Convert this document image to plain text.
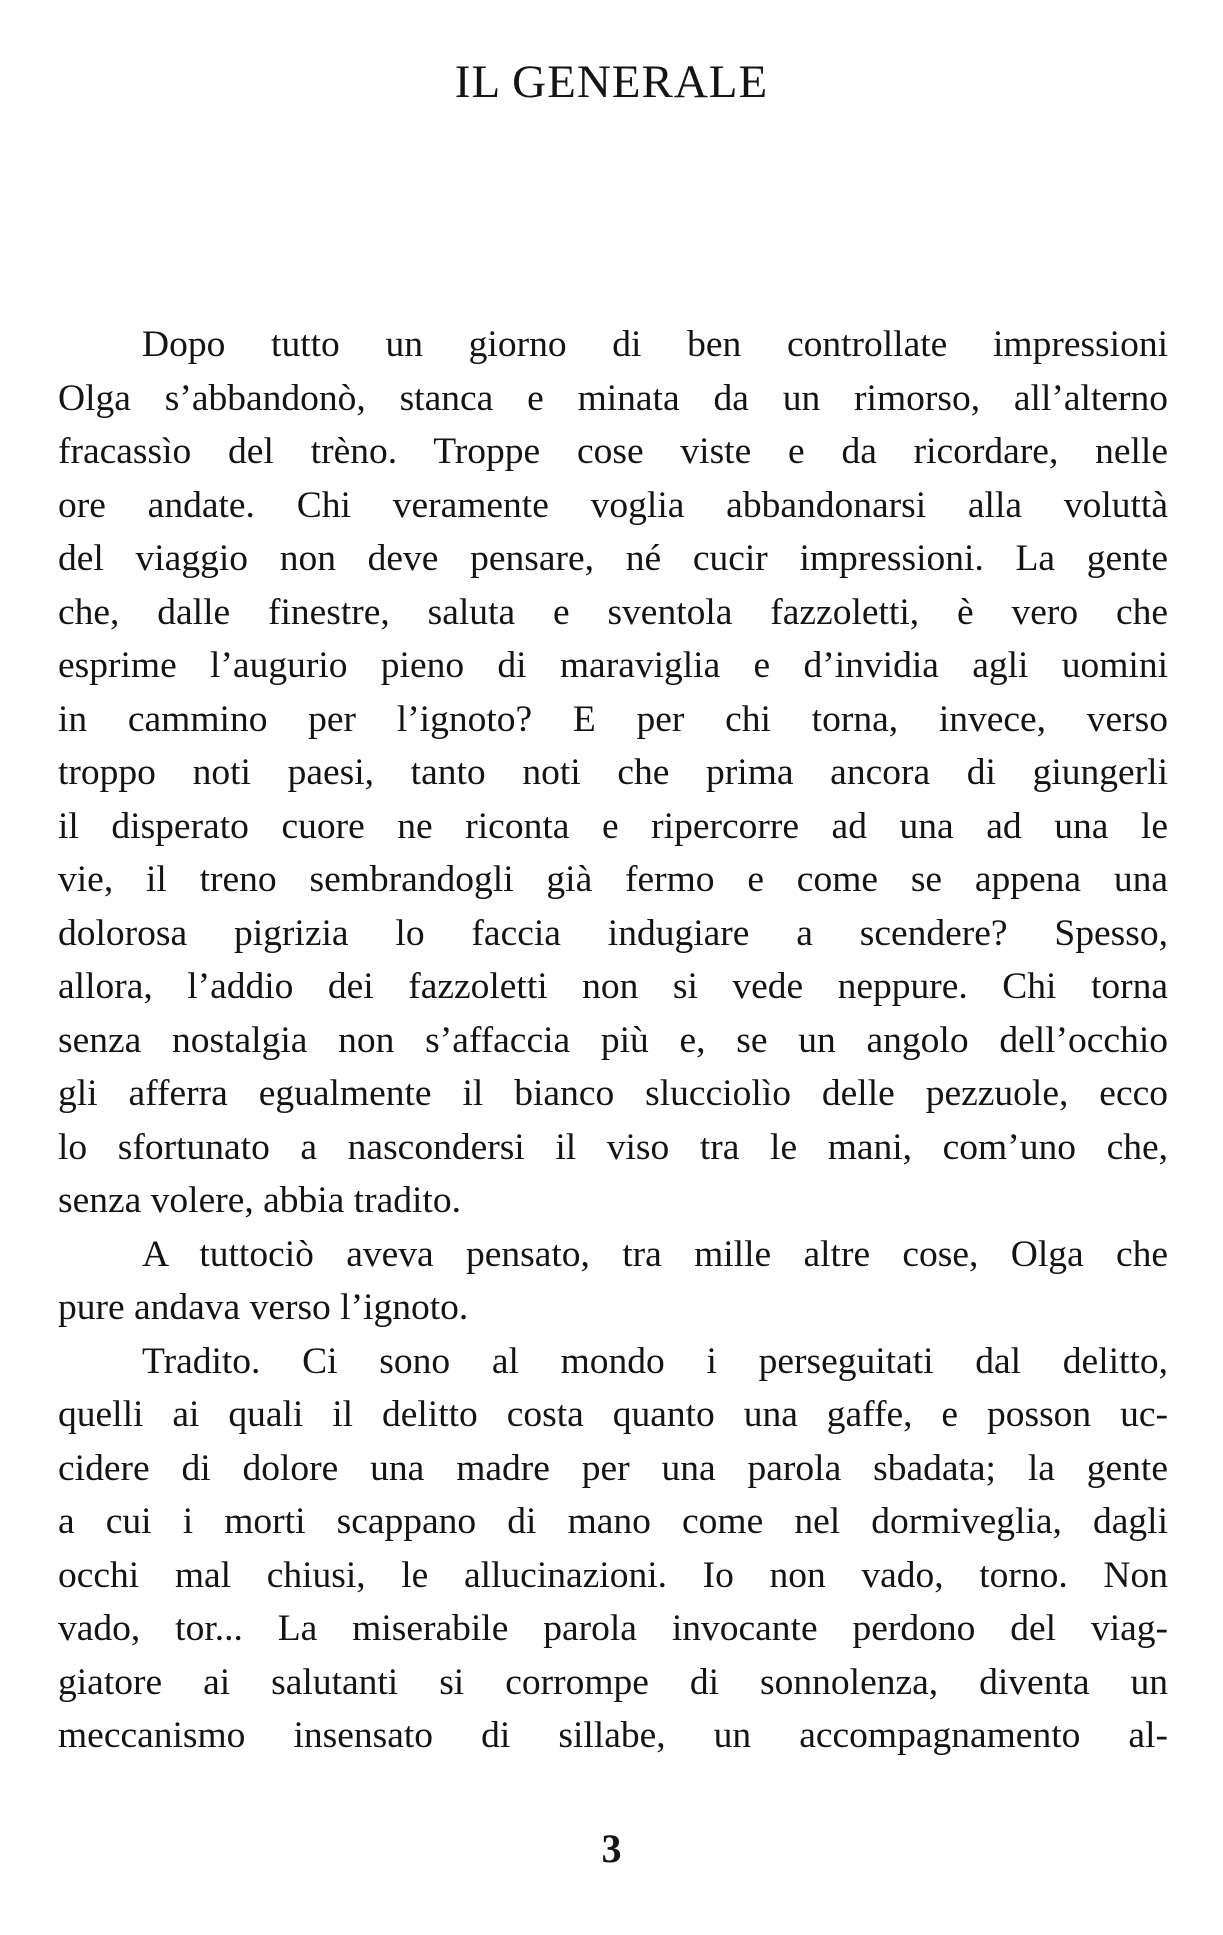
IL GENERALE
Dopo tutto un giorno di ben controllate impressioni
Olga s’abbandonò, stanca e minata da un rimorso, all’alterno
fracassìo del trèno. Troppe cose viste e da ricordare, nelle
ore andate. Chi veramente voglia abbandonarsi alla voluttà
del viaggio non deve pensare, né cucir impressioni. La gente
che, dalle finestre, saluta e sventola fazzoletti, è vero che
esprime l’augurio pieno di maraviglia e d’invidia agli uomini
in cammino per l’ignoto? E per chi torna, invece, verso
troppo noti paesi, tanto noti che prima ancora di giungerli
il disperato cuore ne riconta e ripercorre ad una ad una le
vie, il treno sembrandogli già fermo e come se appena una
dolorosa pigrizia lo faccia indugiare a scendere? Spesso,
allora, l’addio dei fazzoletti non si vede neppure. Chi torna
senza nostalgia non s’affaccia più e, se un angolo dell’occhio
gli afferra egualmente il bianco slucciolìo delle pezzuole, ecco
lo sfortunato a nascondersi il viso tra le mani, com’uno che,
senza volere, abbia tradito.
A tuttociò aveva pensato, tra mille altre cose, Olga che
pure andava verso l’ignoto.
Tradito. Ci sono al mondo i perseguitati dal delitto,
quelli ai quali il delitto costa quanto una gaffe, e posson uc-
cidere di dolore una madre per una parola sbadata; la gente
a cui i morti scappano di mano come nel dormiveglia, dagli
occhi mal chiusi, le allucinazioni. Io non vado, torno. Non
vado, tor... La miserabile parola invocante perdono del viag-
giatore ai salutanti si corrompe di sonnolenza, diventa un
meccanismo insensato di sillabe, un accompagnamento al-
3
